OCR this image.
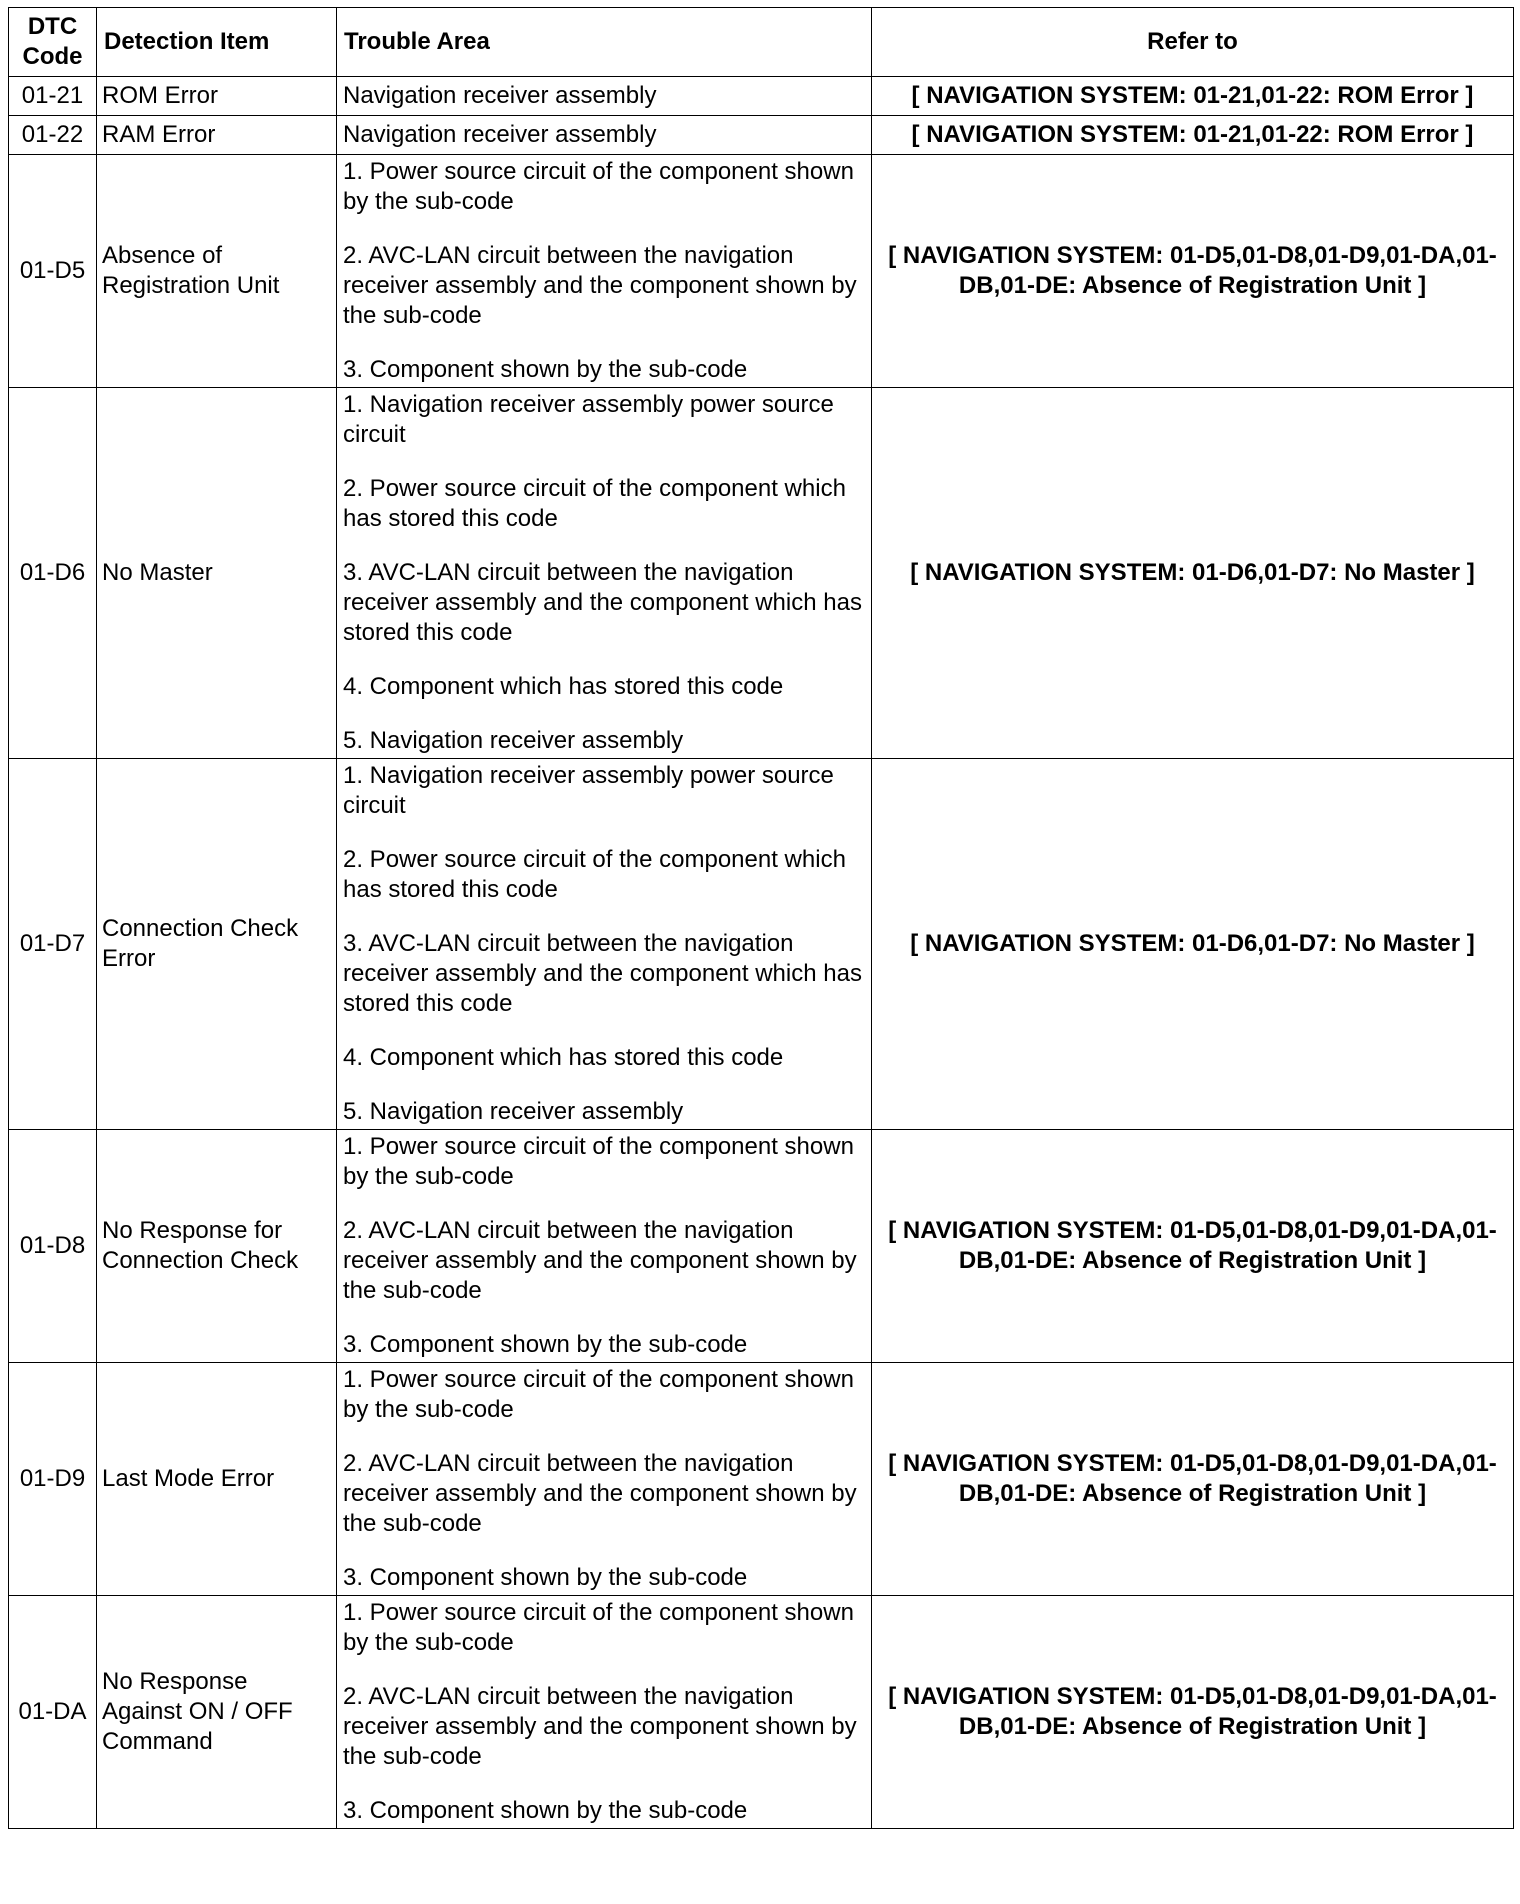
DTC Code	Detection Item	Trouble Area	Refer to
01-21	ROM Error	Navigation receiver assembly	[ NAVIGATION SYSTEM: 01-21,01-22: ROM Error ]
01-22	RAM Error	Navigation receiver assembly	[ NAVIGATION SYSTEM: 01-21,01-22: ROM Error ]
01-D5	Absence of Registration Unit	1. Power source circuit of the component shown by the sub-code

2. AVC-LAN circuit between the navigation receiver assembly and the component shown by the sub-code

3. Component shown by the sub-code	[ NAVIGATION SYSTEM: 01-D5,01-D8,01-D9,01-DA,01-DB,01-DE: Absence of Registration Unit ]
01-D6	No Master	1. Navigation receiver assembly power source circuit

2. Power source circuit of the component which has stored this code

3. AVC-LAN circuit between the navigation receiver assembly and the component which has stored this code

4. Component which has stored this code

5. Navigation receiver assembly	[ NAVIGATION SYSTEM: 01-D6,01-D7: No Master ]
01-D7	Connection Check Error	1. Navigation receiver assembly power source circuit

2. Power source circuit of the component which has stored this code

3. AVC-LAN circuit between the navigation receiver assembly and the component which has stored this code

4. Component which has stored this code

5. Navigation receiver assembly	[ NAVIGATION SYSTEM: 01-D6,01-D7: No Master ]
01-D8	No Response for Connection Check	1. Power source circuit of the component shown by the sub-code

2. AVC-LAN circuit between the navigation receiver assembly and the component shown by the sub-code

3. Component shown by the sub-code	[ NAVIGATION SYSTEM: 01-D5,01-D8,01-D9,01-DA,01-DB,01-DE: Absence of Registration Unit ]
01-D9	Last Mode Error	1. Power source circuit of the component shown by the sub-code

2. AVC-LAN circuit between the navigation receiver assembly and the component shown by the sub-code

3. Component shown by the sub-code	[ NAVIGATION SYSTEM: 01-D5,01-D8,01-D9,01-DA,01-DB,01-DE: Absence of Registration Unit ]
01-DA	No Response Against ON / OFF Command	1. Power source circuit of the component shown by the sub-code

2. AVC-LAN circuit between the navigation receiver assembly and the component shown by the sub-code

3. Component shown by the sub-code	[ NAVIGATION SYSTEM: 01-D5,01-D8,01-D9,01-DA,01-DB,01-DE: Absence of Registration Unit ]
